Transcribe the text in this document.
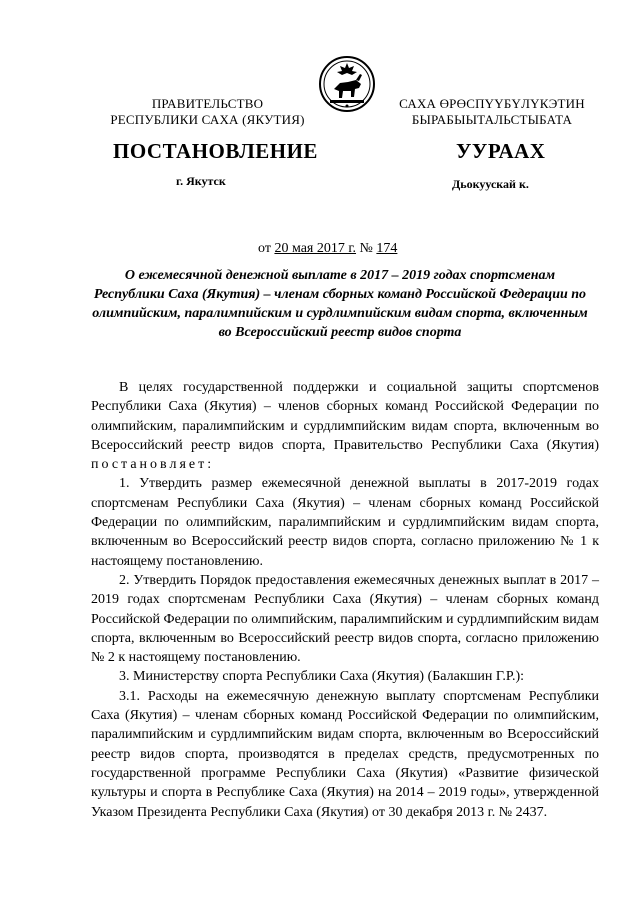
ПРАВИТЕЛЬСТВО
РЕСПУБЛИКИ САХА (ЯКУТИЯ)
САХА ӨРӨСПҮҮБҮЛҮКЭТИН
БЫРАБЫЫТАЛЬСТЫБАТА
ПОСТАНОВЛЕНИЕ	УУРААХ
г. Якутск	Дьокуускай к.
от 20 мая 2017 г. № 174
О ежемесячной денежной выплате в 2017 – 2019 годах спортсменам Республики Саха (Якутия) – членам сборных команд Российской Федерации по олимпийским, паралимпийским и сурдлимпийским видам спорта, включенным во Всероссийский реестр видов спорта

В целях государственной поддержки и социальной защиты спортсменов Республики Саха (Якутия) – членов сборных команд Российской Федерации по олимпийским, паралимпийским и сурдлимпийским видам спорта, включенным во Всероссийский реестр видов спорта, Правительство Республики Саха (Якутия) постановляет:

1. Утвердить размер ежемесячной денежной выплаты в 2017-2019 годах спортсменам Республики Саха (Якутия) – членам сборных команд Российской Федерации по олимпийским, паралимпийским и сурдлимпийским видам спорта, включенным во Всероссийский реестр видов спорта, согласно приложению № 1 к настоящему постановлению.

2. Утвердить Порядок предоставления ежемесячных денежных выплат в 2017 – 2019 годах спортсменам Республики Саха (Якутия) – членам сборных команд Российской Федерации по олимпийским, паралимпийским и сурдлимпийским видам спорта, включенным во Всероссийский реестр видов спорта, согласно приложению № 2 к настоящему постановлению.

3. Министерству спорта Республики Саха (Якутия) (Балакшин Г.Р.):

3.1. Расходы на ежемесячную денежную выплату спортсменам Республики Саха (Якутия) – членам сборных команд Российской Федерации по олимпийским, паралимпийским и сурдлимпийским видам спорта, включенным во Всероссийский реестр видов спорта, производятся в пределах средств, предусмотренных по государственной программе Республики Саха (Якутия) «Развитие физической культуры и спорта в Республике Саха (Якутия) на 2014 – 2019 годы», утвержденной Указом Президента Республики Саха (Якутия) от 30 декабря 2013 г. № 2437.
